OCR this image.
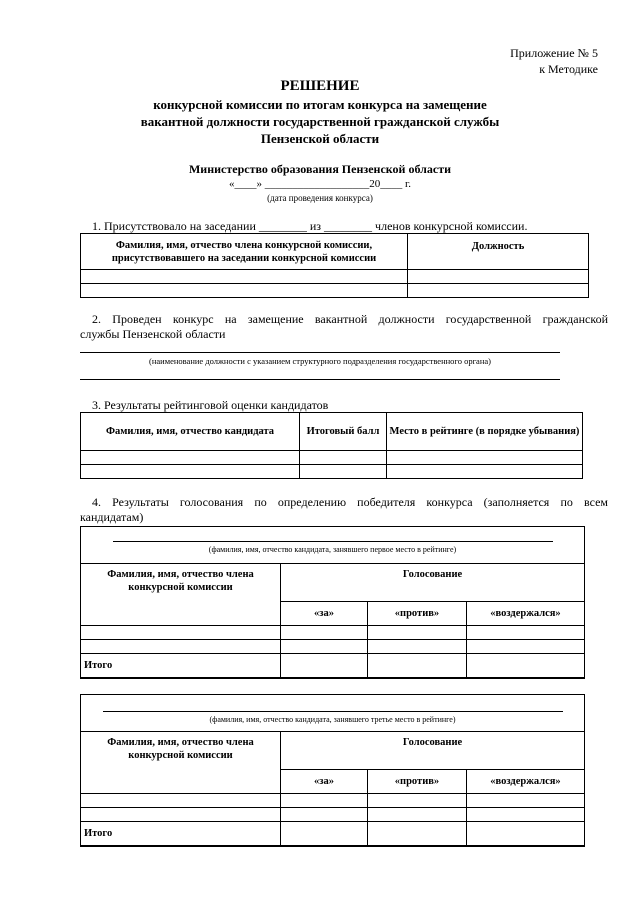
Приложение № 5
к Методике
РЕШЕНИЕ
конкурсной комиссии по итогам конкурса на замещение
вакантной должности государственной гражданской службы
Пензенской области
Министерство образования Пензенской области
«____» ___________________20____ г.
(дата проведения конкурса)
1. Присутствовало на заседании ________ из ________ членов конкурсной комиссии.
Фамилия, имя, отчество члена конкурсной комиссии, присутствовавшего на заседании конкурсной комиссии	Должность

2. Проведен конкурс на замещение вакантной должности государственной гражданской
службы Пензенской области
(наименование должности с указанием структурного подразделения государственного органа)
3. Результаты рейтинговой оценки кандидатов
Фамилия, имя, отчество кандидата	Итоговый балл	Место в рейтинге (в порядке убывания)

4. Результаты голосования по определению победителя конкурса (заполняется по всем
кандидатам)
(фамилия, имя, отчество кандидата, занявшего первое место в рейтинге)
Фамилия, имя, отчество члена конкурсной комиссии	Голосование		
	«за»	«против»	«воздержался»

Итого			
(фамилия, имя, отчество кандидата, занявшего третье место в рейтинге)
Фамилия, имя, отчество члена конкурсной комиссии	Голосование		
	«за»	«против»	«воздержался»

Итого			
